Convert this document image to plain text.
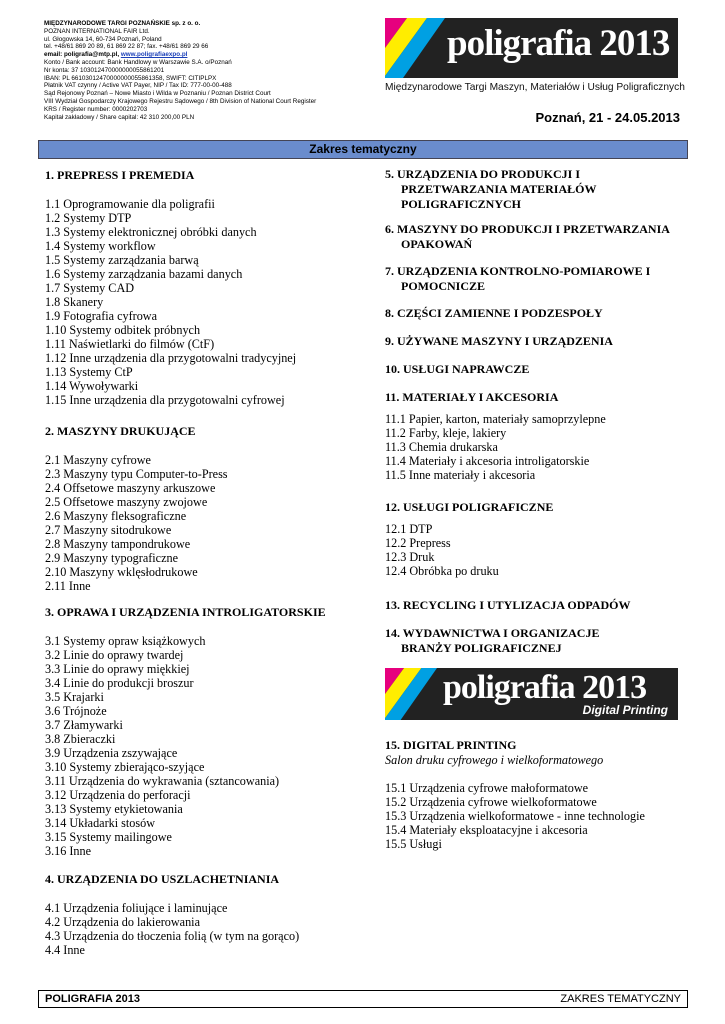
MIĘDZYNARODOWE TARGI POZNAŃSKIE sp. z o. o.
POZNAN INTERNATIONAL FAIR Ltd.
ul. Głogowska 14, 60-734 Poznań, Poland
tel. +48/61 869 20 89, 61 869 22 87; fax. +48/61 869 29 66
email: poligrafia@mtp.pl, www.poligrafiaexpo.pl
Konto / Bank account: Bank Handlowy w Warszawie S.A. o/Poznań
Nr konta: 37 103012470000000055861201
IBAN: PL 66103012470000000055861358, SWIFT: CITIPLPX
Płatnik VAT czynny / Active VAT Payer, NIP / Tax ID: 777-00-00-488
Sąd Rejonowy Poznań – Nowe Miasto i Wilda w Poznaniu / Poznan District Court
VIII Wydział Gospodarczy Krajowego Rejestru Sądowego / 8th Division of National Court Register
KRS / Register number: 0000202703
Kapitał zakładowy / Share capital: 42 310 200,00 PLN
poligrafia 2013
Międzynarodowe Targi Maszyn, Materiałów i Usług Poligraficznych
Poznań, 21 - 24.05.2013
Zakres tematyczny
1. PREPRESS I PREMEDIA
1.1 Oprogramowanie dla poligrafii
1.2 Systemy DTP
1.3 Systemy elektronicznej obróbki danych
1.4 Systemy workflow
1.5 Systemy zarządzania barwą
1.6 Systemy zarządzania bazami danych
1.7 Systemy CAD
1.8 Skanery
1.9 Fotografia cyfrowa
1.10 Systemy odbitek próbnych
1.11 Naświetlarki do filmów (CtF)
1.12 Inne urządzenia dla przygotowalni tradycyjnej
1.13 Systemy CtP
1.14 Wywoływarki
1.15 Inne urządzenia dla przygotowalni cyfrowej
2. MASZYNY DRUKUJĄCE
2.1 Maszyny cyfrowe
2.3 Maszyny typu Computer-to-Press
2.4 Offsetowe maszyny arkuszowe
2.5 Offsetowe maszyny zwojowe
2.6 Maszyny fleksograficzne
2.7 Maszyny sitodrukowe
2.8 Maszyny tampondrukowe
2.9 Maszyny typograficzne
2.10 Maszyny wklęsłodrukowe
2.11 Inne
3. OPRAWA I URZĄDZENIA INTROLIGATORSKIE
3.1 Systemy opraw książkowych
3.2 Linie do oprawy twardej
3.3 Linie do oprawy miękkiej
3.4 Linie do produkcji broszur
3.5 Krajarki
3.6 Trójnoże
3.7 Złamywarki
3.8 Zbieraczki
3.9 Urządzenia zszywające
3.10 Systemy zbierająco-szyjące
3.11 Urządzenia do wykrawania (sztancowania)
3.12 Urządzenia do perforacji
3.13 Systemy etykietowania
3.14 Układarki stosów
3.15 Systemy mailingowe
3.16 Inne
4. URZĄDZENIA DO USZLACHETNIANIA
4.1 Urządzenia foliujące i laminujące
4.2 Urządzenia do lakierowania
4.3 Urządzenia do tłoczenia folią (w tym na gorąco)
4.4 Inne
5. URZĄDZENIA DO PRODUKCJI I
PRZETWARZANIA MATERIAŁÓW
POLIGRAFICZNYCH
6. MASZYNY DO PRODUKCJI I PRZETWARZANIA
OPAKOWAŃ
7. URZĄDZENIA KONTROLNO-POMIAROWE I
POMOCNICZE
8. CZĘŚCI ZAMIENNE I PODZESPOŁY
9. UŻYWANE MASZYNY I URZĄDZENIA
10. USŁUGI NAPRAWCZE
11. MATERIAŁY I AKCESORIA
11.1 Papier, karton, materiały samoprzylepne
11.2 Farby, kleje, lakiery
11.3 Chemia drukarska
11.4 Materiały i akcesoria introligatorskie
11.5 Inne materiały i akcesoria
12. USŁUGI POLIGRAFICZNE
12.1 DTP
12.2 Prepress
12.3 Druk
12.4 Obróbka po druku
13. RECYCLING I UTYLIZACJA ODPADÓW
14. WYDAWNICTWA I ORGANIZACJE
BRANŻY POLIGRAFICZNEJ
poligrafia 2013
Digital Printing
15. DIGITAL PRINTING
Salon druku cyfrowego i wielkoformatowego
15.1 Urządzenia cyfrowe małoformatowe
15.2 Urządzenia cyfrowe wielkoformatowe
15.3 Urządzenia wielkoformatowe - inne technologie
15.4 Materiały eksploatacyjne i akcesoria
15.5 Usługi
POLIGRAFIA 2013	ZAKRES TEMATYCZNY
